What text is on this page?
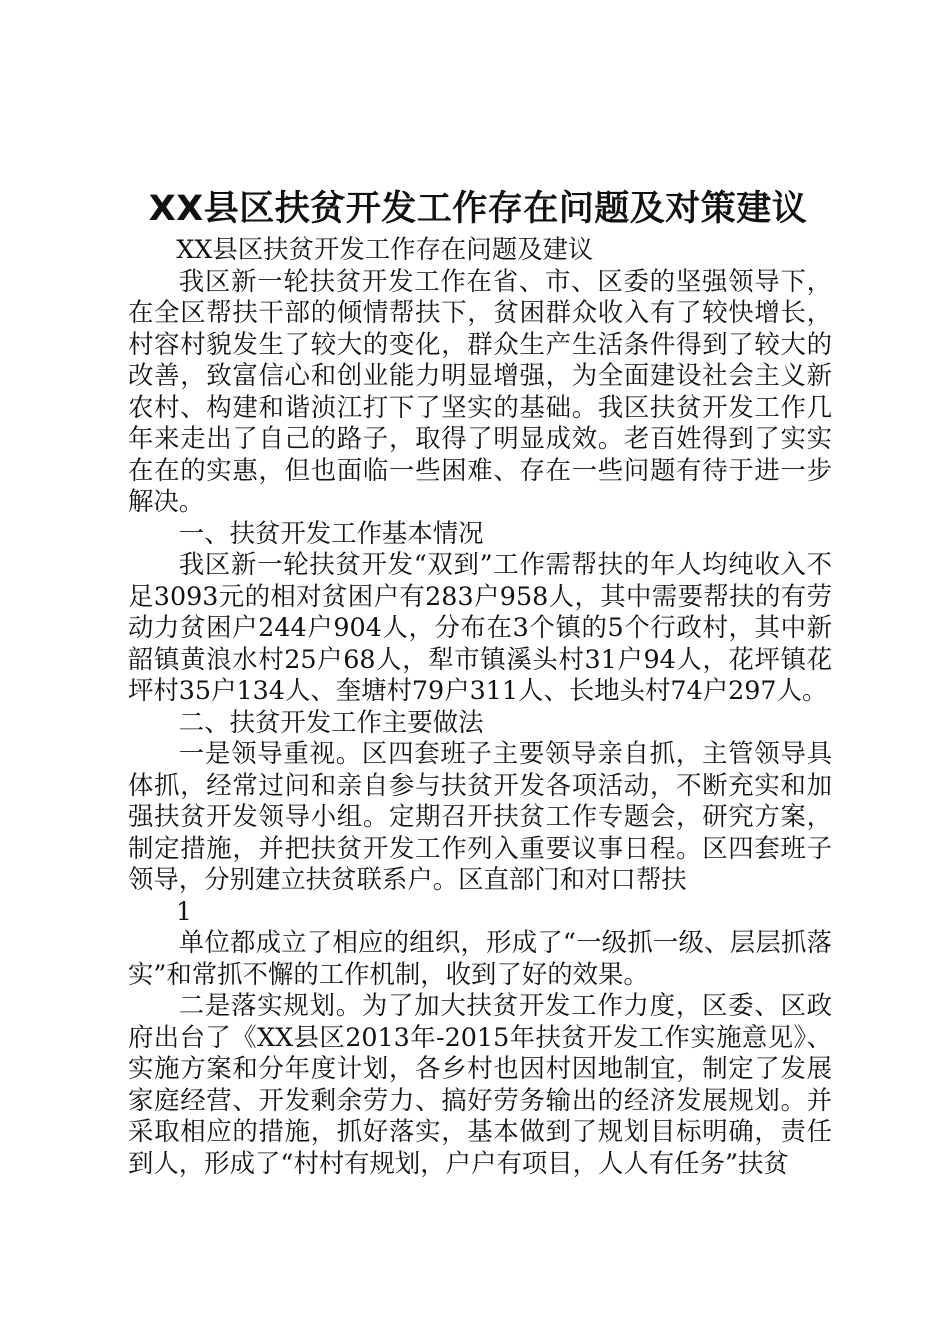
XX县区扶贫开发工作存在问题及对策建议

XX县区扶贫开发工作存在问题及建议

我区新一轮扶贫开发工作在省、市、区委的坚强领导下，在全区帮扶干部的倾情帮扶下，贫困群众收入有了较快增长，村容村貌发生了较大的变化，群众生产生活条件得到了较大的改善，致富信心和创业能力明显增强，为全面建设社会主义新农村、构建和谐浈江打下了坚实的基础。我区扶贫开发工作几年来走出了自己的路子，取得了明显成效。老百姓得到了实实在在的实惠，但也面临一些困难、存在一些问题有待于进一步解决。

一、扶贫开发工作基本情况

我区新一轮扶贫开发“双到”工作需帮扶的年人均纯收入不足3093元的相对贫困户有283户958人，其中需要帮扶的有劳动力贫困户244户904人，分布在3个镇的5个行政村，其中新韶镇黄浪水村25户68人，犁市镇溪头村31户94人，花坪镇花坪村35户134人、奎塘村79户311人、长地头村74户297人。

二、扶贫开发工作主要做法

一是领导重视。区四套班子主要领导亲自抓，主管领导具体抓，经常过问和亲自参与扶贫开发各项活动，不断充实和加强扶贫开发领导小组。定期召开扶贫工作专题会，研究方案，制定措施，并把扶贫开发工作列入重要议事日程。区四套班子领导，分别建立扶贫联系户。区直部门和对口帮扶

1

单位都成立了相应的组织，形成了“一级抓一级、层层抓落实”和常抓不懈的工作机制，收到了好的效果。

二是落实规划。为了加大扶贫开发工作力度，区委、区政府出台了《XX县区2013年-2015年扶贫开发工作实施意见》、实施方案和分年度计划，各乡村也因村因地制宜，制定了发展家庭经营、开发剩余劳力、搞好劳务输出的经济发展规划。并采取相应的措施，抓好落实，基本做到了规划目标明确，责任到人，形成了“村村有规划，户户有项目，人人有任务”扶贫
